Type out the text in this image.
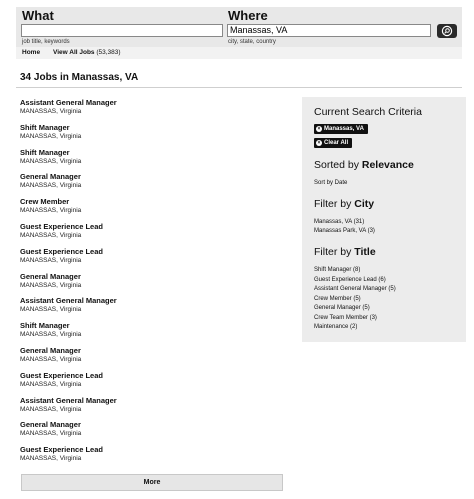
What
job title, keywords
Where
Manassas, VA
city, state, country
Home View All Jobs (53,383)
34 Jobs in Manassas, VA
Assistant General Manager
MANASSAS, Virginia
Shift Manager
MANASSAS, Virginia
Shift Manager
MANASSAS, Virginia
General Manager
MANASSAS, Virginia
Crew Member
MANASSAS, Virginia
Guest Experience Lead
MANASSAS, Virginia
Guest Experience Lead
MANASSAS, Virginia
General Manager
MANASSAS, Virginia
Assistant General Manager
MANASSAS, Virginia
Shift Manager
MANASSAS, Virginia
General Manager
MANASSAS, Virginia
Guest Experience Lead
MANASSAS, Virginia
Assistant General Manager
MANASSAS, Virginia
General Manager
MANASSAS, Virginia
Guest Experience Lead
MANASSAS, Virginia
More
Current Search Criteria
× Manassas, VA
× Clear All
Sorted by Relevance
Sort by Date
Filter by City
Manassas, VA (31)
Manassas Park, VA (3)
Filter by Title
Shift Manager (8)
Guest Experience Lead (6)
Assistant General Manager (5)
Crew Member (5)
General Manager (5)
Crew Team Member (3)
Maintenance (2)
